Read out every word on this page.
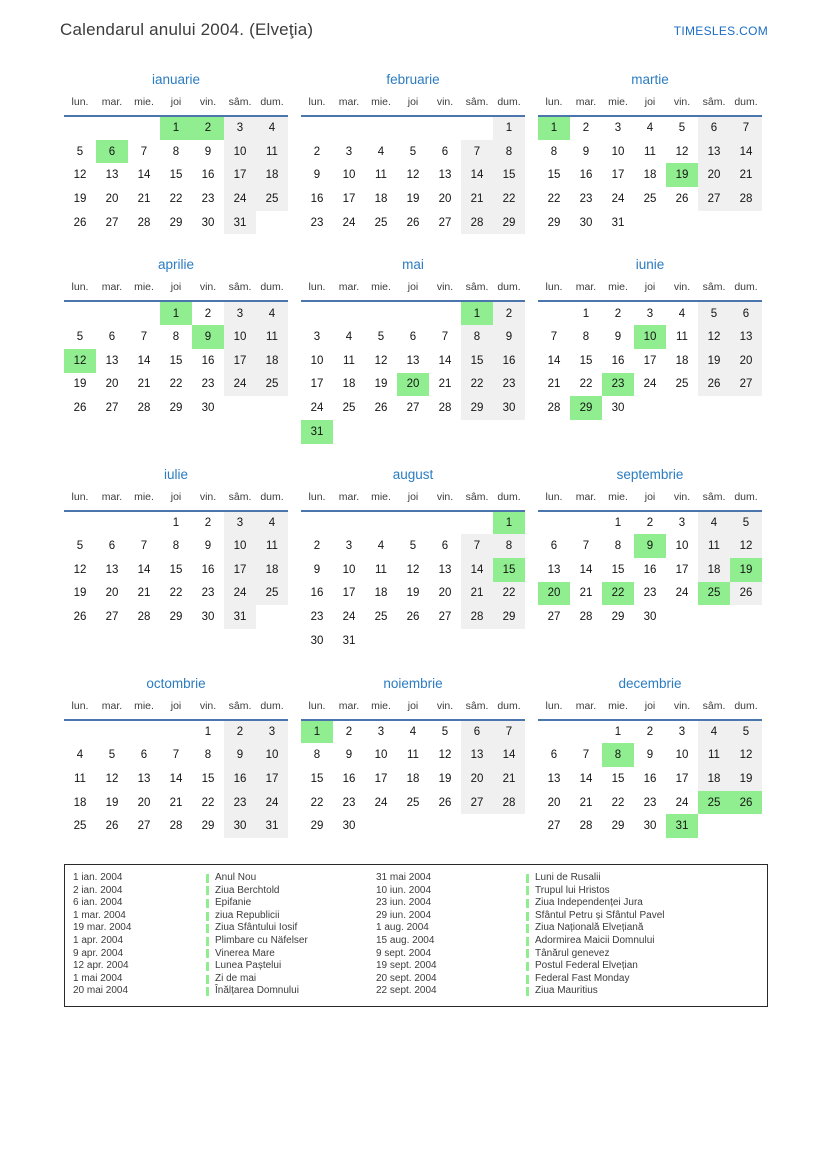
Calendarul anului 2004. (Elveţia)	TIMESLES.COM
ianuarie
lun.	mar.	mie.	joi	vin.	sâm.	dum.
			1	2	3	4
5	6	7	8	9	10	11
12	13	14	15	16	17	18
19	20	21	22	23	24	25
26	27	28	29	30	31	
februarie
lun.	mar.	mie.	joi	vin.	sâm.	dum.
						1
2	3	4	5	6	7	8
9	10	11	12	13	14	15
16	17	18	19	20	21	22
23	24	25	26	27	28	29
martie
lun.	mar.	mie.	joi	vin.	sâm.	dum.
1	2	3	4	5	6	7
8	9	10	11	12	13	14
15	16	17	18	19	20	21
22	23	24	25	26	27	28
29	30	31				
aprilie
lun.	mar.	mie.	joi	vin.	sâm.	dum.
			1	2	3	4
5	6	7	8	9	10	11
12	13	14	15	16	17	18
19	20	21	22	23	24	25
26	27	28	29	30		
mai
lun.	mar.	mie.	joi	vin.	sâm.	dum.
					1	2
3	4	5	6	7	8	9
10	11	12	13	14	15	16
17	18	19	20	21	22	23
24	25	26	27	28	29	30
31						
iunie
lun.	mar.	mie.	joi	vin.	sâm.	dum.
	1	2	3	4	5	6
7	8	9	10	11	12	13
14	15	16	17	18	19	20
21	22	23	24	25	26	27
28	29	30				
iulie
lun.	mar.	mie.	joi	vin.	sâm.	dum.
			1	2	3	4
5	6	7	8	9	10	11
12	13	14	15	16	17	18
19	20	21	22	23	24	25
26	27	28	29	30	31	
august
lun.	mar.	mie.	joi	vin.	sâm.	dum.
						1
2	3	4	5	6	7	8
9	10	11	12	13	14	15
16	17	18	19	20	21	22
23	24	25	26	27	28	29
30	31					
septembrie
lun.	mar.	mie.	joi	vin.	sâm.	dum.
		1	2	3	4	5
6	7	8	9	10	11	12
13	14	15	16	17	18	19
20	21	22	23	24	25	26
27	28	29	30			
octombrie
lun.	mar.	mie.	joi	vin.	sâm.	dum.
				1	2	3
4	5	6	7	8	9	10
11	12	13	14	15	16	17
18	19	20	21	22	23	24
25	26	27	28	29	30	31
noiembrie
lun.	mar.	mie.	joi	vin.	sâm.	dum.
1	2	3	4	5	6	7
8	9	10	11	12	13	14
15	16	17	18	19	20	21
22	23	24	25	26	27	28
29	30					
decembrie
lun.	mar.	mie.	joi	vin.	sâm.	dum.
		1	2	3	4	5
6	7	8	9	10	11	12
13	14	15	16	17	18	19
20	21	22	23	24	25	26
27	28	29	30	31		
1 ian. 2004	Anul Nou	31 mai 2004	Luni de Rusalii
2 ian. 2004	Ziua Berchtold	10 iun. 2004	Trupul lui Hristos
6 ian. 2004	Epifanie	23 iun. 2004	Ziua Independenței Jura
1 mar. 2004	ziua Republicii	29 iun. 2004	Sfântul Petru și Sfântul Pavel
19 mar. 2004	Ziua Sfântului Iosif	1 aug. 2004	Ziua Națională Elvețiană
1 apr. 2004	Plimbare cu Näfelser	15 aug. 2004	Adormirea Maicii Domnului
9 apr. 2004	Vinerea Mare	9 sept. 2004	Tânărul genevez
12 apr. 2004	Lunea Paștelui	19 sept. 2004	Postul Federal Elvețian
1 mai 2004	Zi de mai	20 sept. 2004	Federal Fast Monday
20 mai 2004	Înălțarea Domnului	22 sept. 2004	Ziua Mauritius
